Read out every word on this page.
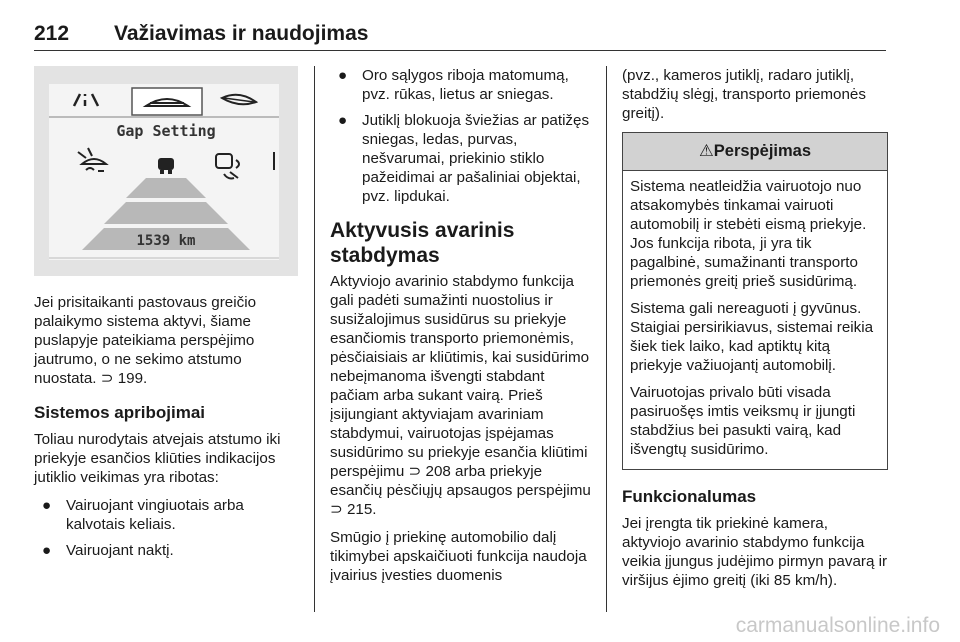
212 Važiavimas ir naudojimas
Gap Setting
1539 km

Jei prisitaikanti pastovaus greičio palaikymo sistema aktyvi, šiame puslapyje pateikiama perspėjimo jautrumo, o ne sekimo atstumo nuostata. ⊃ 199.

Sistemos apribojimai

Toliau nurodytais atvejais atstumo iki priekyje esančios kliūties indikacijos jutiklio veikimas yra ribotas:

● Vairuojant vingiuotais arba kalvotais keliais.
● Vairuojant naktį.
● Oro sąlygos riboja matomumą, pvz. rūkas, lietus ar sniegas.
● Jutiklį blokuoja šviežias ar patižęs sniegas, ledas, purvas, nešvarumai, priekinio stiklo pažeidimai ar pašaliniai objektai, pvz. lipdukai.
Aktyvusis avarinis stabdymas

Aktyviojo avarinio stabdymo funkcija gali padėti sumažinti nuostolius ir susižalojimus susidūrus su priekyje esančiomis transporto priemonėmis, pėsčiaisiais ar kliūtimis, kai susidūrimo nebeįmanoma išvengti stabdant pačiam arba sukant vairą. Prieš įsijungiant aktyviajam avariniam stabdymui, vairuotojas įspėjamas susidūrimo su priekyje esančia kliūtimi perspėjimu ⊃ 208 arba priekyje esančių pėsčiųjų apsaugos perspėjimu ⊃ 215.

Smūgio į priekinę automobilio dalį tikimybei apskaičiuoti funkcija naudoja įvairius įvesties duomenis

(pvz., kameros jutiklį, radaro jutiklį, stabdžių slėgį, transporto priemonės greitį).

⚠Perspėjimas

Sistema neatleidžia vairuotojo nuo atsakomybės tinkamai vairuoti automobilį ir stebėti eismą priekyje. Jos funkcija ribota, ji yra tik pagalbinė, sumažinanti transporto priemonės greitį prieš susidūrimą.

Sistema gali nereaguoti į gyvūnus. Staigiai persirikiavus, sistemai reikia šiek tiek laiko, kad aptiktų kitą priekyje važiuojantį automobilį.

Vairuotojas privalo būti visada pasiruošęs imtis veiksmų ir įjungti stabdžius bei pasukti vairą, kad išvengtų susidūrimo.

Funkcionalumas

Jei įrengta tik priekinė kamera, aktyviojo avarinio stabdymo funkcija veikia įjungus judėjimo pirmyn pavarą ir viršijus ėjimo greitį (iki 85 km/h).

carmanualsonline.info
